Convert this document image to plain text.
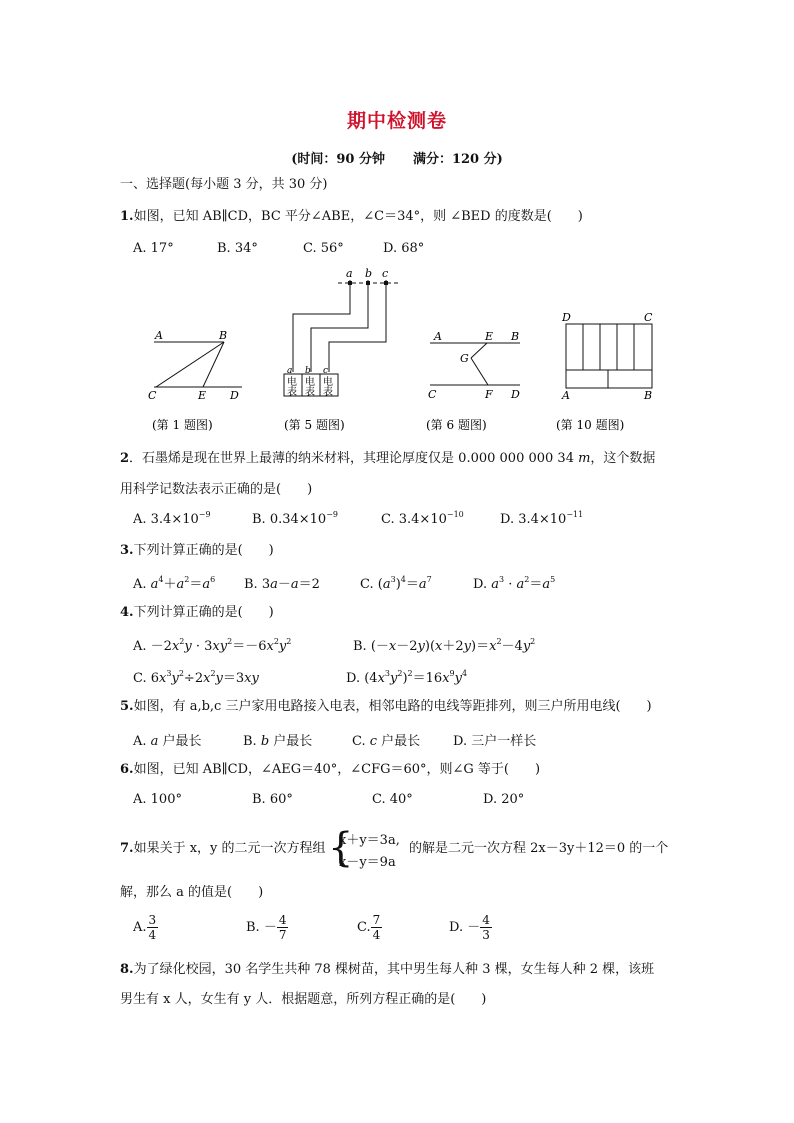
期中检测卷
(时间：90 分钟 满分：120 分)
一、选择题(每小题 3 分，共 30 分)
1.如图，已知 AB∥CD，BC 平分∠ABE，∠C＝34°，则 ∠BED 的度数是(　　)
A. 17°	B. 34°	C. 56°	D. 68°
A	B
C	E D
(第 1 题图)
a b c
a b c
电
表
电
表
电
表
(第 5 题图)
A	E B
G
C	F D
(第 6 题图)
D	C
A	B
(第 10 题图)
2．石墨烯是现在世界上最薄的纳米材料，其理论厚度仅是 0.000 000 000 34 m，这个数据
用科学记数法表示正确的是(　　)
A. $3.4\times 10^{-9}$	B. $0.34\times 10^{-9}$	C. $3.4\times 10^{-10}$	D. $3.4\times 10^{-11}$
3.下列计算正确的是(　　)
A. $a^4+a^2=a^6$ B. 3a－a＝2	C. $(a^3)^4=a^7$	D. $a^3 \cdot a^2=a^5$
4.下列计算正确的是(　　)
A. $-2x^2y \cdot 3xy^2=-6x^2y^2$	B. $(-x-2y)(x+2y)=x^2-4y^2$
C. $6x^3y^2\div 2x^2y=3xy$	D. $(4x^3y^2)^2=16x^9y^4$
5.如图，有 a,b,c 三户家用电路接入电表，相邻电路的电线等距排列，则三户所用电线(　　)
A. a 户最长	B. b 户最长	C. c 户最长	D. 三户一样长
6.如图，已知 AB∥CD，∠AEG＝40°，∠CFG＝60°，则∠G 等于(　　)
A. 100°	B. 60°	C. 40°	D. 20°
7.如果关于 x，y 的二元一次方程组 {
x＋y＝3a,
x－y＝9a
的解是二元一次方程 2x－3y＋12＝0 的一个
解，那么 a 的值是(　　)
A. $\frac{3}{4}$	B. － $\frac{4}{7}$	C. $\frac{7}{4}$	D. － $\frac{4}{3}$
8.为了绿化校园，30 名学生共种 78 棵树苗，其中男生每人种 3 棵，女生每人种 2 棵，该班
男生有 x 人，女生有 y 人．根据题意，所列方程正确的是(　　)
